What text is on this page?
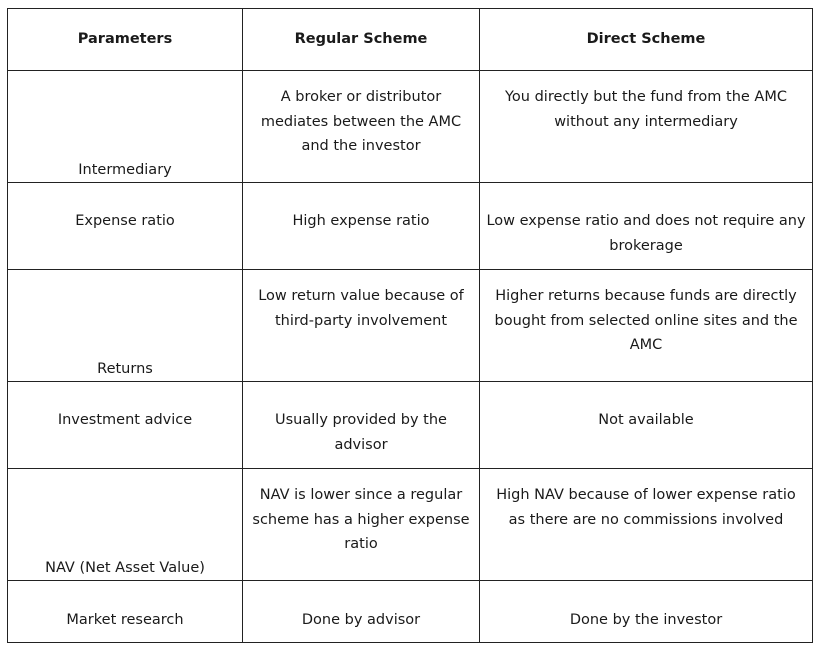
Parameters	Regular Scheme	Direct Scheme
Intermediary	A broker or distributor mediates between the AMC and the investor	You directly but the fund from the AMC without any intermediary
Expense ratio	High expense ratio	Low expense ratio and does not require any brokerage
Returns	Low return value because of third-party involvement	Higher returns because funds are directly bought from selected online sites and the AMC
Investment advice	Usually provided by the advisor	Not available
NAV (Net Asset Value)	NAV is lower since a regular scheme has a higher expense ratio	High NAV because of lower expense ratio as there are no commissions involved
Market research	Done by advisor	Done by the investor
